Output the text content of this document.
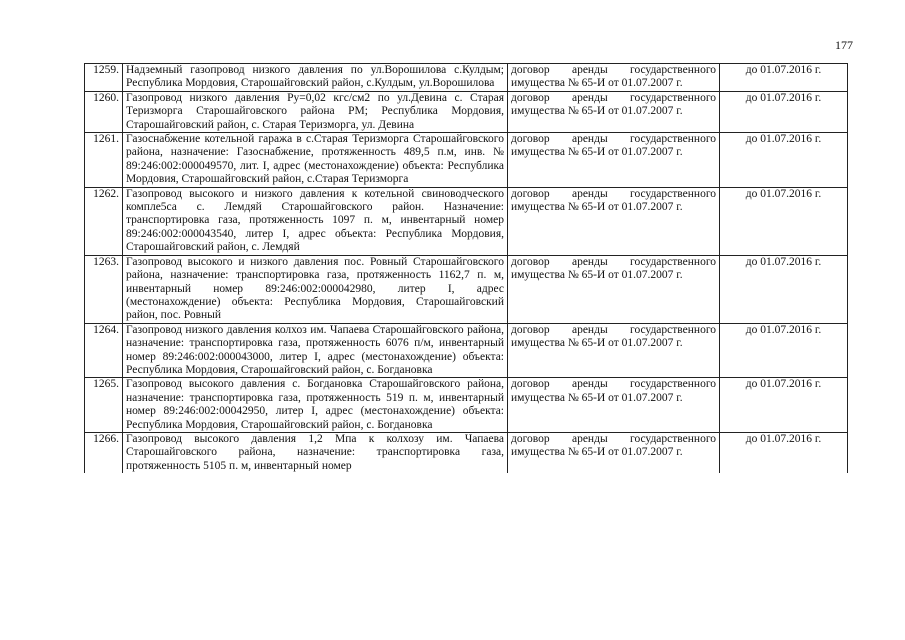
177
1259.	Надземный газопровод низкого давления по ул.Ворошилова с.Кулдым; Республика Мордовия, Старошайговский район, с.Кулдым, ул.Ворошилова	договор аренды государственного имущества № 65-И от 01.07.2007 г.	до 01.07.2016 г.
1260.	Газопровод низкого давления Ру=0,02 кгс/см2 по ул.Девина с. Старая Теризморга Старошайговского района РМ; Республика Мордовия, Старошайговский район, с. Старая Теризморга, ул. Девина	договор аренды государственного имущества № 65-И от 01.07.2007 г.	до 01.07.2016 г.
1261.	Газоснабжение котельной гаража в с.Старая Теризморга Старошайговского района, назначение: Газоснабжение, протяженность 489,5 п.м, инв. № 89:246:002:000049570, лит. I, адрес (местонахождение) объекта: Республика Мордовия, Старошайговский район, с.Старая Теризморга	договор аренды государственного имущества № 65-И от 01.07.2007 г.	до 01.07.2016 г.
1262.	Газопровод высокого и низкого давления к котельной свиноводческого компле5са с. Лемдяй Старошайговского район. Назначение: транспортировка газа, протяженность 1097 п. м, инвентарный номер 89:246:002:000043540, литер I, адрес объекта: Республика Мордовия, Старошайговский район, с. Лемдяй	договор аренды государственного имущества № 65-И от 01.07.2007 г.	до 01.07.2016 г.
1263.	Газопровод высокого и низкого давления пос. Ровный Старошайговского района, назначение: транспортировка газа, протяженность 1162,7 п. м, инвентарный номер 89:246:002:000042980, литер I, адрес (местонахождение) объекта: Республика Мордовия, Старошайговский район, пос. Ровный	договор аренды государственного имущества № 65-И от 01.07.2007 г.	до 01.07.2016 г.
1264.	Газопровод низкого давления колхоз им. Чапаева Старошайговского района, назначение: транспортировка газа, протяженность 6076 п/м, инвентарный номер 89:246:002:000043000, литер I, адрес (местонахождение) объекта: Республика Мордовия, Старошайговский район, с. Богдановка	договор аренды государственного имущества № 65-И от 01.07.2007 г.	до 01.07.2016 г.
1265.	Газопровод высокого давления с. Богдановка Старошайговского района, назначение: транспортировка газа, протяженность 519 п. м, инвентарный номер 89:246:002:00042950, литер I, адрес (местонахождение) объекта: Республика Мордовия, Старошайговский район, с. Богдановка	договор аренды государственного имущества № 65-И от 01.07.2007 г.	до 01.07.2016 г.
1266.	Газопровод высокого давления 1,2 Мпа к колхозу им. Чапаева Старошайговского района, назначение: транспортировка газа, протяженность 5105 п. м, инвентарный номер	договор аренды государственного имущества № 65-И от 01.07.2007 г.	до 01.07.2016 г.
